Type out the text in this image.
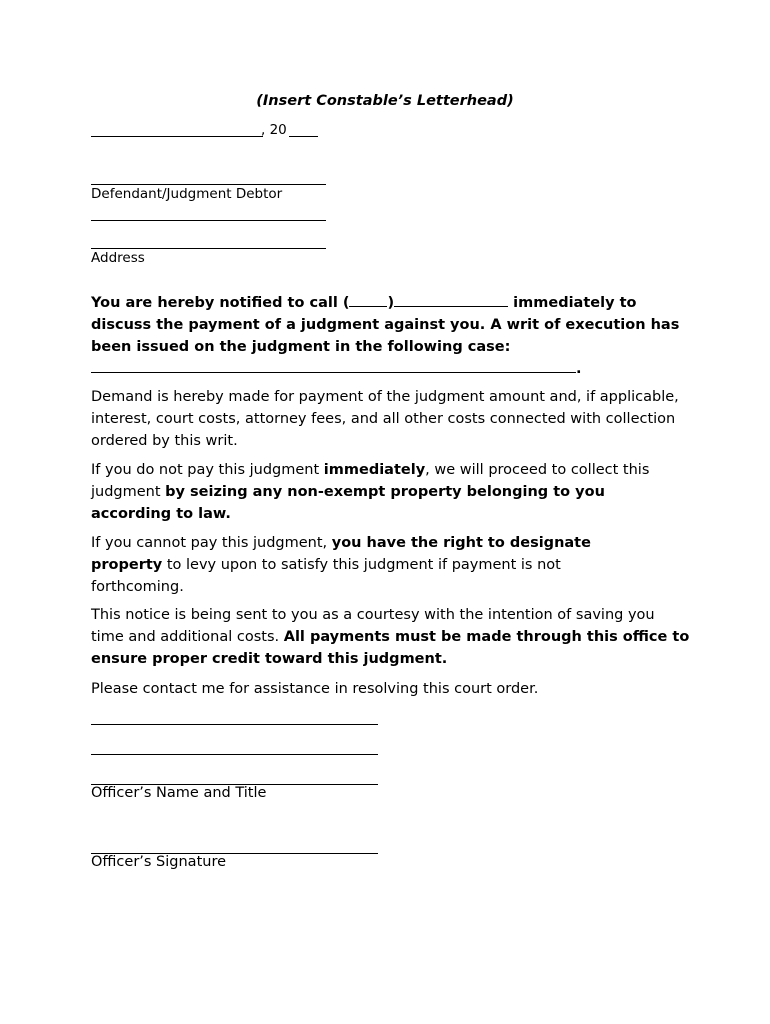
(Insert Constable’s Letterhead)
, 20
Defendant/Judgment Debtor
Address
You are hereby notified to call (	)	immediately to discuss the payment of a judgment against you. A writ of execution has been issued on the judgment in the following case:
.
Demand is hereby made for payment of the judgment amount and, if applicable, interest, court costs, attorney fees, and all other costs connected with collection ordered by this writ.
If you do not pay this judgment immediately, we will proceed to collect this judgment by seizing any non-exempt property belonging to you according to law.
If you cannot pay this judgment, you have the right to designate property to levy upon to satisfy this judgment if payment is not forthcoming.
This notice is being sent to you as a courtesy with the intention of saving you time and additional costs. All payments must be made through this office to ensure proper credit toward this judgment.
Please contact me for assistance in resolving this court order.
Officer’s Name and Title
Officer’s Signature
